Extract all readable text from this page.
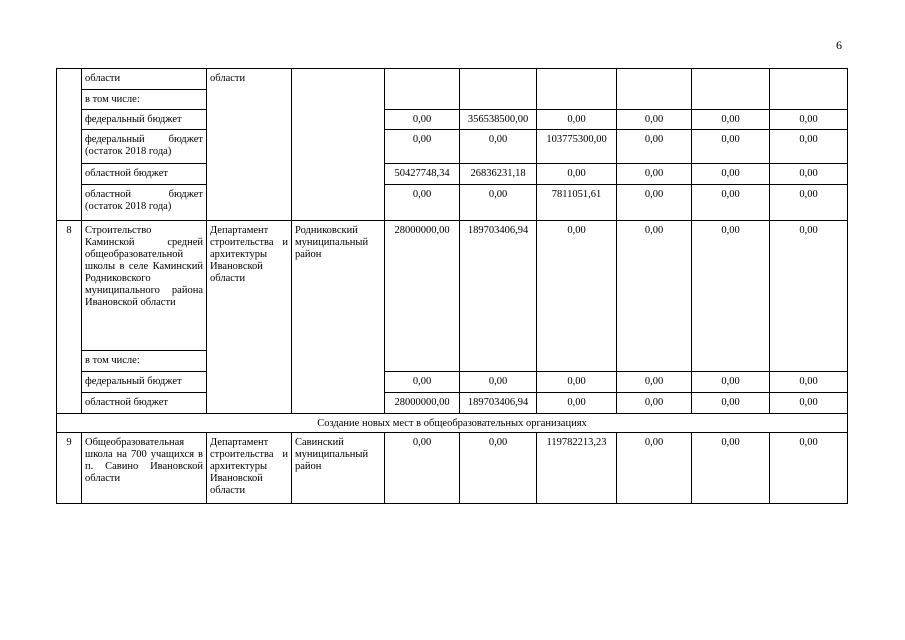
6
	области	области							
	в том числе:								
	федеральный бюджет			0,00	356538500,00	0,00	0,00	0,00	0,00
	федеральный бюджет (остаток 2018 года)			0,00	0,00	103775300,00	0,00	0,00	0,00
	областной бюджет			50427748,34	26836231,18	0,00	0,00	0,00	0,00
	областной бюджет (остаток 2018 года)			0,00	0,00	7811051,61	0,00	0,00	0,00
8	Строительство Каминской средней общеобразовательной школы в селе Каминский Родниковского муниципального района Ивановской области	Департамент строительства и архитектуры Ивановской области	Родниковский муниципальный район	28000000,00	189703406,94	0,00	0,00	0,00	0,00
	в том числе:								
	федеральный бюджет			0,00	0,00	0,00	0,00	0,00	0,00
	областной бюджет			28000000,00	189703406,94	0,00	0,00	0,00	0,00
Создание новых мест в общеобразовательных организациях									
9	Общеобразовательная школа на 700 учащихся в п. Савино Ивановской области	Департамент строительства и архитектуры Ивановской области	Савинский муниципальный район	0,00	0,00	119782213,23	0,00	0,00	0,00
